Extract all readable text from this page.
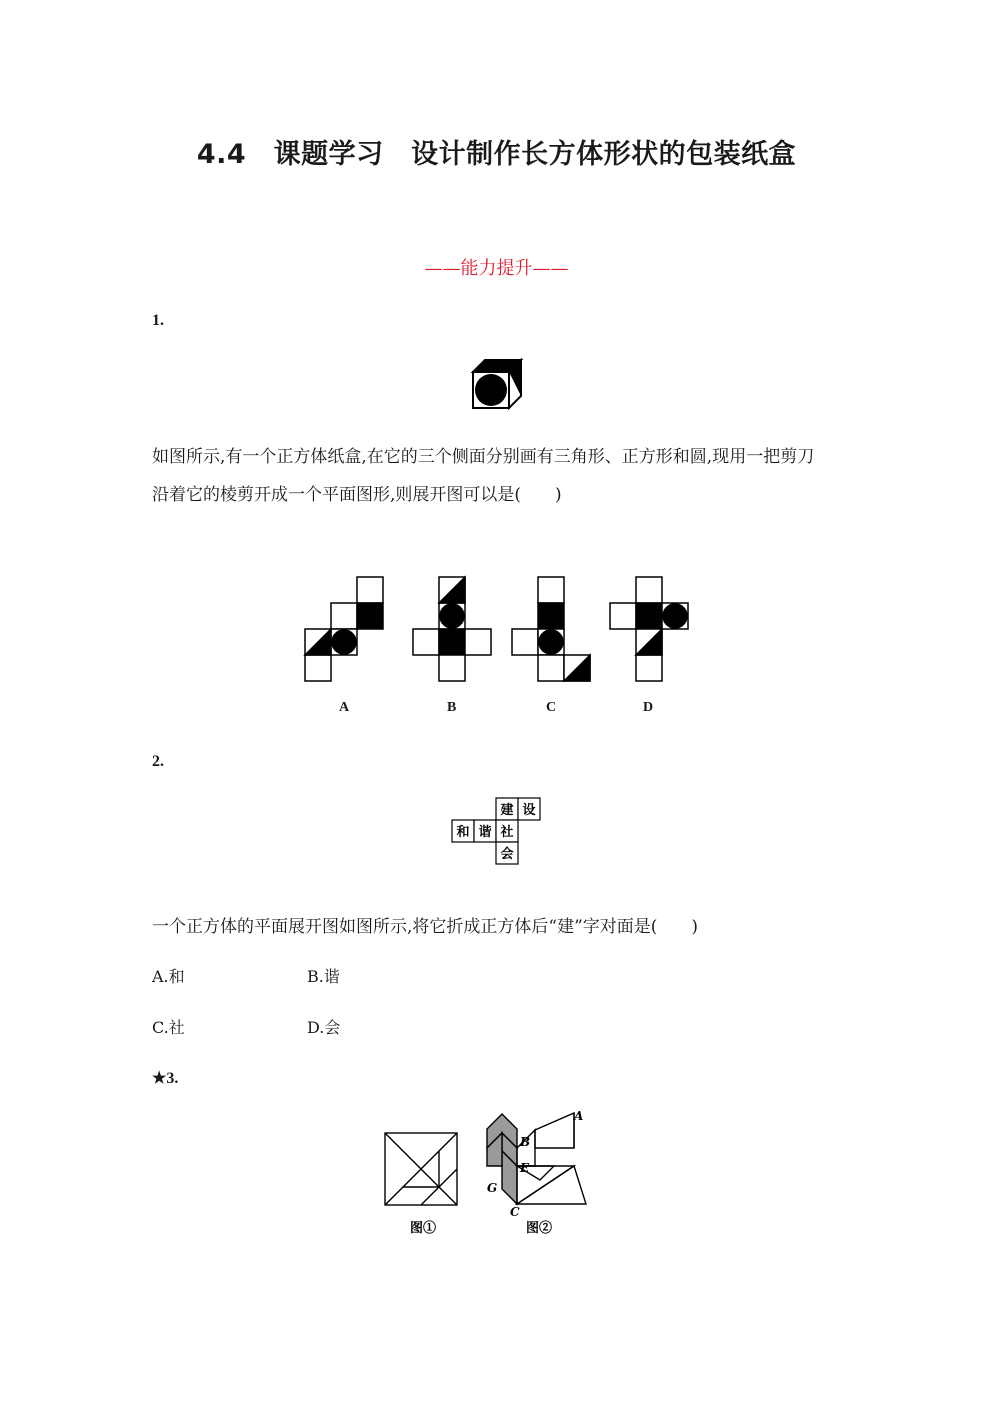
4.4　课题学习　设计制作长方体形状的包装纸盒
——能力提升——
1.
如图所示,有一个正方体纸盒,在它的三个侧面分别画有三角形、正方形和圆,现用一把剪刀
沿着它的棱剪开成一个平面图形,则展开图可以是(　　)
A	B	C	D
2.
建 设
和 谐 社
会
一个正方体的平面展开图如图所示,将它折成正方体后“建”字对面是(　　)
A.和	B.谐
C.社	D.会
★3.
图①
A
B
E
G
C
图②
